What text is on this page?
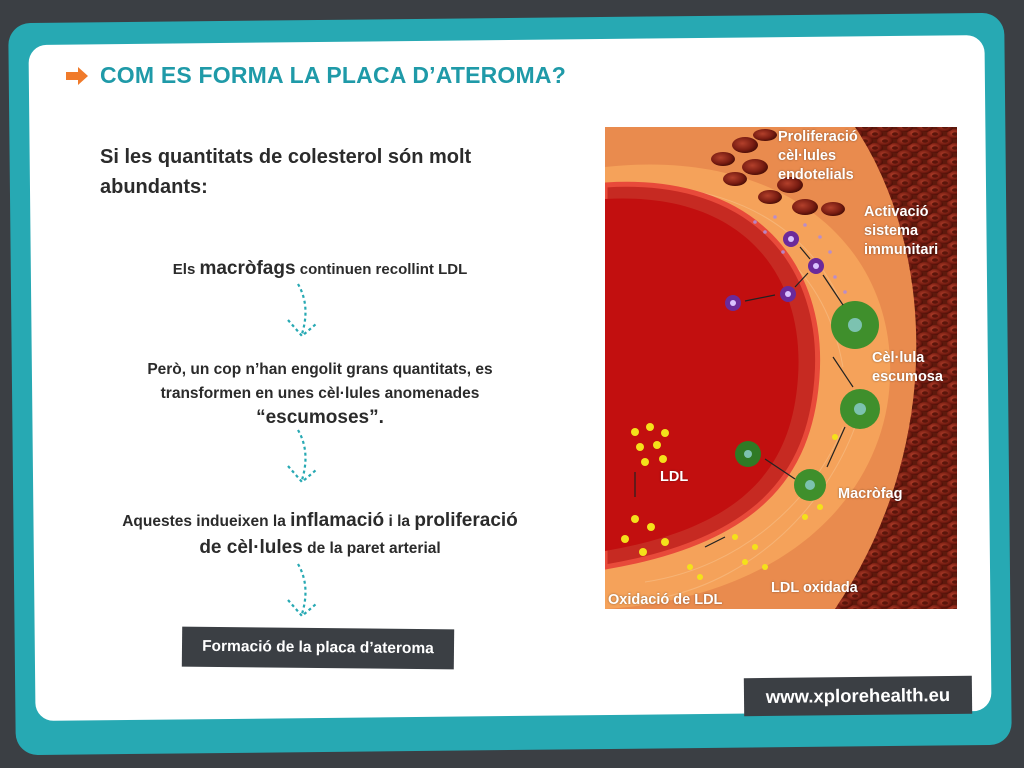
COM ES FORMA LA PLACA D’ATEROMA?
Si les quantitats de colesterol són molt abundants:
Els macròfags continuen recollint LDL
Però, un cop n’han engolit grans quantitats, es transformen en unes cèl·lules anomenades
“escumoses”.
Aquestes indueixen la inflamació i la proliferació
de cèl·lules de la paret arterial
Formació de la placa d’ateroma
Proliferació
cèl·lules
endotelials
Activació
sistema
immunitari
Cèl·lula
escumosa
LDL
Macròfag
LDL oxidada
Oxidació de LDL
www.xplorehealth.eu
